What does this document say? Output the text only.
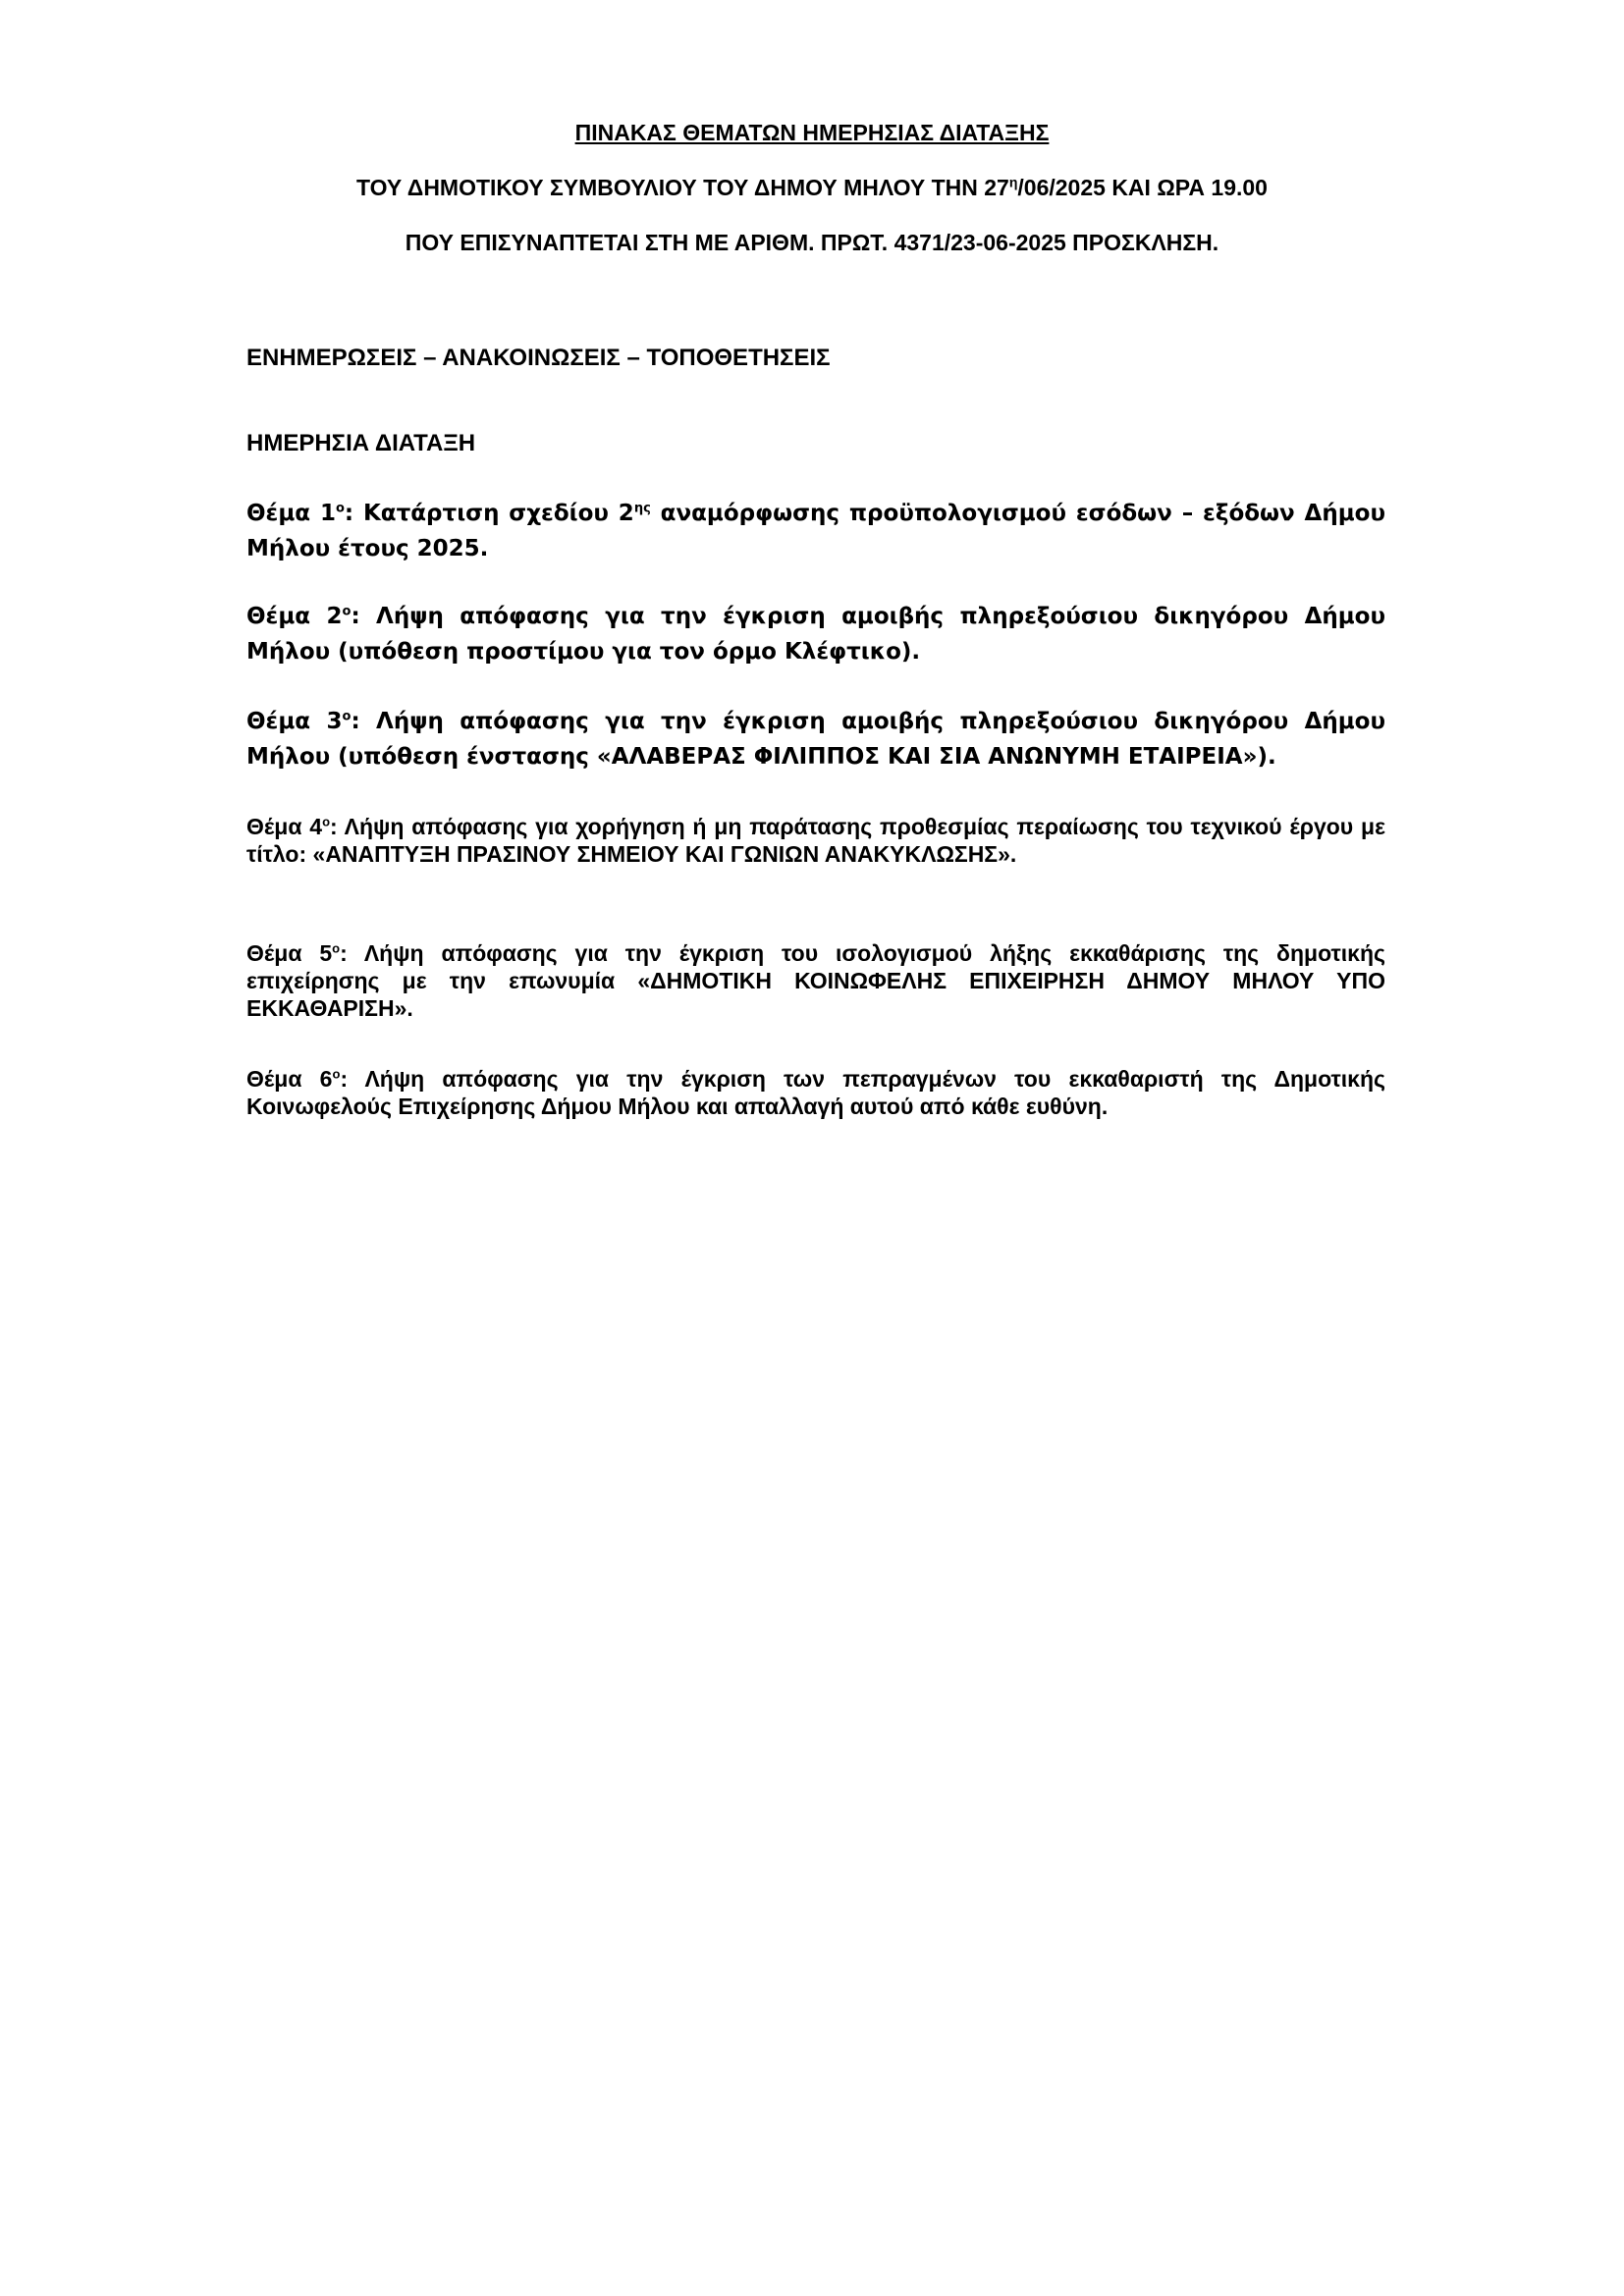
ΠΙΝΑΚΑΣ ΘΕΜΑΤΩΝ ΗΜΕΡΗΣΙΑΣ ΔΙΑΤΑΞΗΣ
ΤΟΥ ΔΗΜΟΤΙΚΟΥ ΣΥΜΒΟΥΛΙΟΥ ΤΟΥ ΔΗΜΟΥ ΜΗΛΟΥ ΤΗΝ $27^\eta/06/2025$ ΚΑΙ ΩΡΑ 19.00
ΠΟΥ ΕΠΙΣΥΝΑΠΤΕΤΑΙ ΣΤΗ ΜΕ ΑΡΙΘΜ. ΠΡΩΤ. 4371/23-06-2025 ΠΡΟΣΚΛΗΣΗ.
ΕΝΗΜΕΡΩΣΕΙΣ – ΑΝΑΚΟΙΝΩΣΕΙΣ – ΤΟΠΟΘΕΤΗΣΕΙΣ
ΗΜΕΡΗΣΙΑ ΔΙΑΤΑΞΗ
Θέμα $1^o$: Κατάρτιση σχεδίου $2^{\eta\varsigma}$ αναμόρφωσης προϋπολογισμού εσόδων – εξόδων Δήμου Μήλου έτους 2025.
Θέμα $2^o$: Λήψη απόφασης για την έγκριση αμοιβής πληρεξούσιου δικηγόρου Δήμου Μήλου (υπόθεση προστίμου για τον όρμο Κλέφτικο).
Θέμα $3^o$: Λήψη απόφασης για την έγκριση αμοιβής πληρεξούσιου δικηγόρου Δήμου Μήλου (υπόθεση ένστασης «ΑΛΑΒΕΡΑΣ ΦΙΛΙΠΠΟΣ ΚΑΙ ΣΙΑ ΑΝΩΝΥΜΗ ΕΤΑΙΡΕΙΑ»).
Θέμα $4^o$: Λήψη απόφασης για χορήγηση ή μη παράτασης προθεσμίας περαίωσης του τεχνικού έργου με τίτλο: «ΑΝΑΠΤΥΞΗ ΠΡΑΣΙΝΟΥ ΣΗΜΕΙΟΥ ΚΑΙ ΓΩΝΙΩΝ ΑΝΑΚΥΚΛΩΣΗΣ».
Θέμα $5^o$: Λήψη απόφασης για την έγκριση του ισολογισμού λήξης εκκαθάρισης της δημοτικής επιχείρησης με την επωνυμία «ΔΗΜΟΤΙΚΗ ΚΟΙΝΩΦΕΛΗΣ ΕΠΙΧΕΙΡΗΣΗ ΔΗΜΟΥ ΜΗΛΟΥ ΥΠΟ ΕΚΚΑΘΑΡΙΣΗ».
Θέμα $6^o$: Λήψη απόφασης για την έγκριση των πεπραγμένων του εκκαθαριστή της Δημοτικής Κοινωφελούς Επιχείρησης Δήμου Μήλου και απαλλαγή αυτού από κάθε ευθύνη.
